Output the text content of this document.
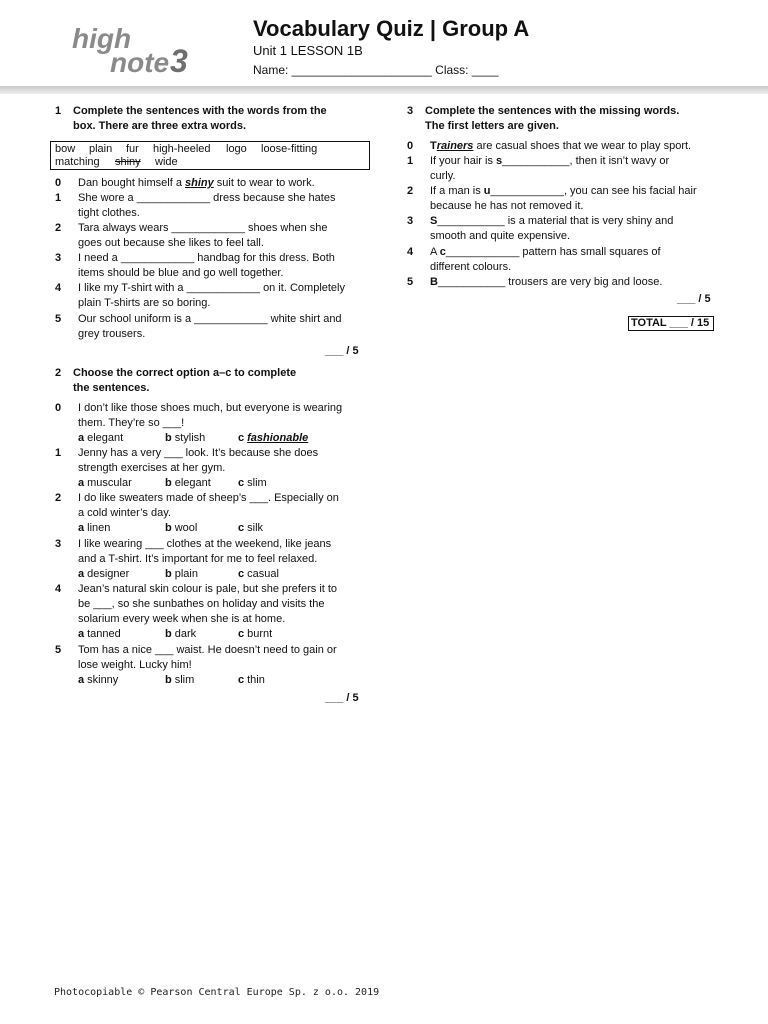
high
note 3
Vocabulary Quiz | Group A
Unit 1 LESSON 1B
Name: _____________________ Class: ____
1 Complete the sentences with the words from the
box. There are three extra words.
bow plain fur high-heeled logo loose-fitting
matching shiny wide
0 Dan bought himself a shiny suit to wear to work.
1 She wore a ____________ dress because she hates
tight clothes.
2 Tara always wears ____________ shoes when she
goes out because she likes to feel tall.
3 I need a ____________ handbag for this dress. Both
items should be blue and go well together.
4 I like my T-shirt with a ____________ on it. Completely
plain T-shirts are so boring.
5 Our school uniform is a ____________ white shirt and
grey trousers.
___ / 5
2 Choose the correct option a–c to complete
the sentences.
0 I don’t like those shoes much, but everyone is wearing
them. They’re so ___!
a elegant	b stylish	c fashionable
1 Jenny has a very ___ look. It’s because she does
strength exercises at her gym.
a muscular	b elegant c slim
2 I do like sweaters made of sheep’s ___. Especially on
a cold winter’s day.
a linen	b wool	c silk
3 I like wearing ___ clothes at the weekend, like jeans
and a T-shirt. It’s important for me to feel relaxed.
a designer	b plain	c casual
4 Jean’s natural skin colour is pale, but she prefers it to
be ___, so she sunbathes on holiday and visits the
solarium every week when she is at home.
a tanned	b dark	c burnt
5 Tom has a nice ___ waist. He doesn’t need to gain or
lose weight. Lucky him!
a skinny	b slim	c thin
___ / 5
3 Complete the sentences with the missing words.
The first letters are given.
0 Trainers are casual shoes that we wear to play sport.
1 If your hair is s___________, then it isn’t wavy or
curly.
2 If a man is u____________, you can see his facial hair
because he has not removed it.
3 S___________ is a material that is very shiny and
smooth and quite expensive.
4 A c____________ pattern has small squares of
different colours.
5 B___________ trousers are very big and loose.
___ / 5
TOTAL ___ / 15
Photocopiable © Pearson Central Europe Sp. z o.o. 2019
